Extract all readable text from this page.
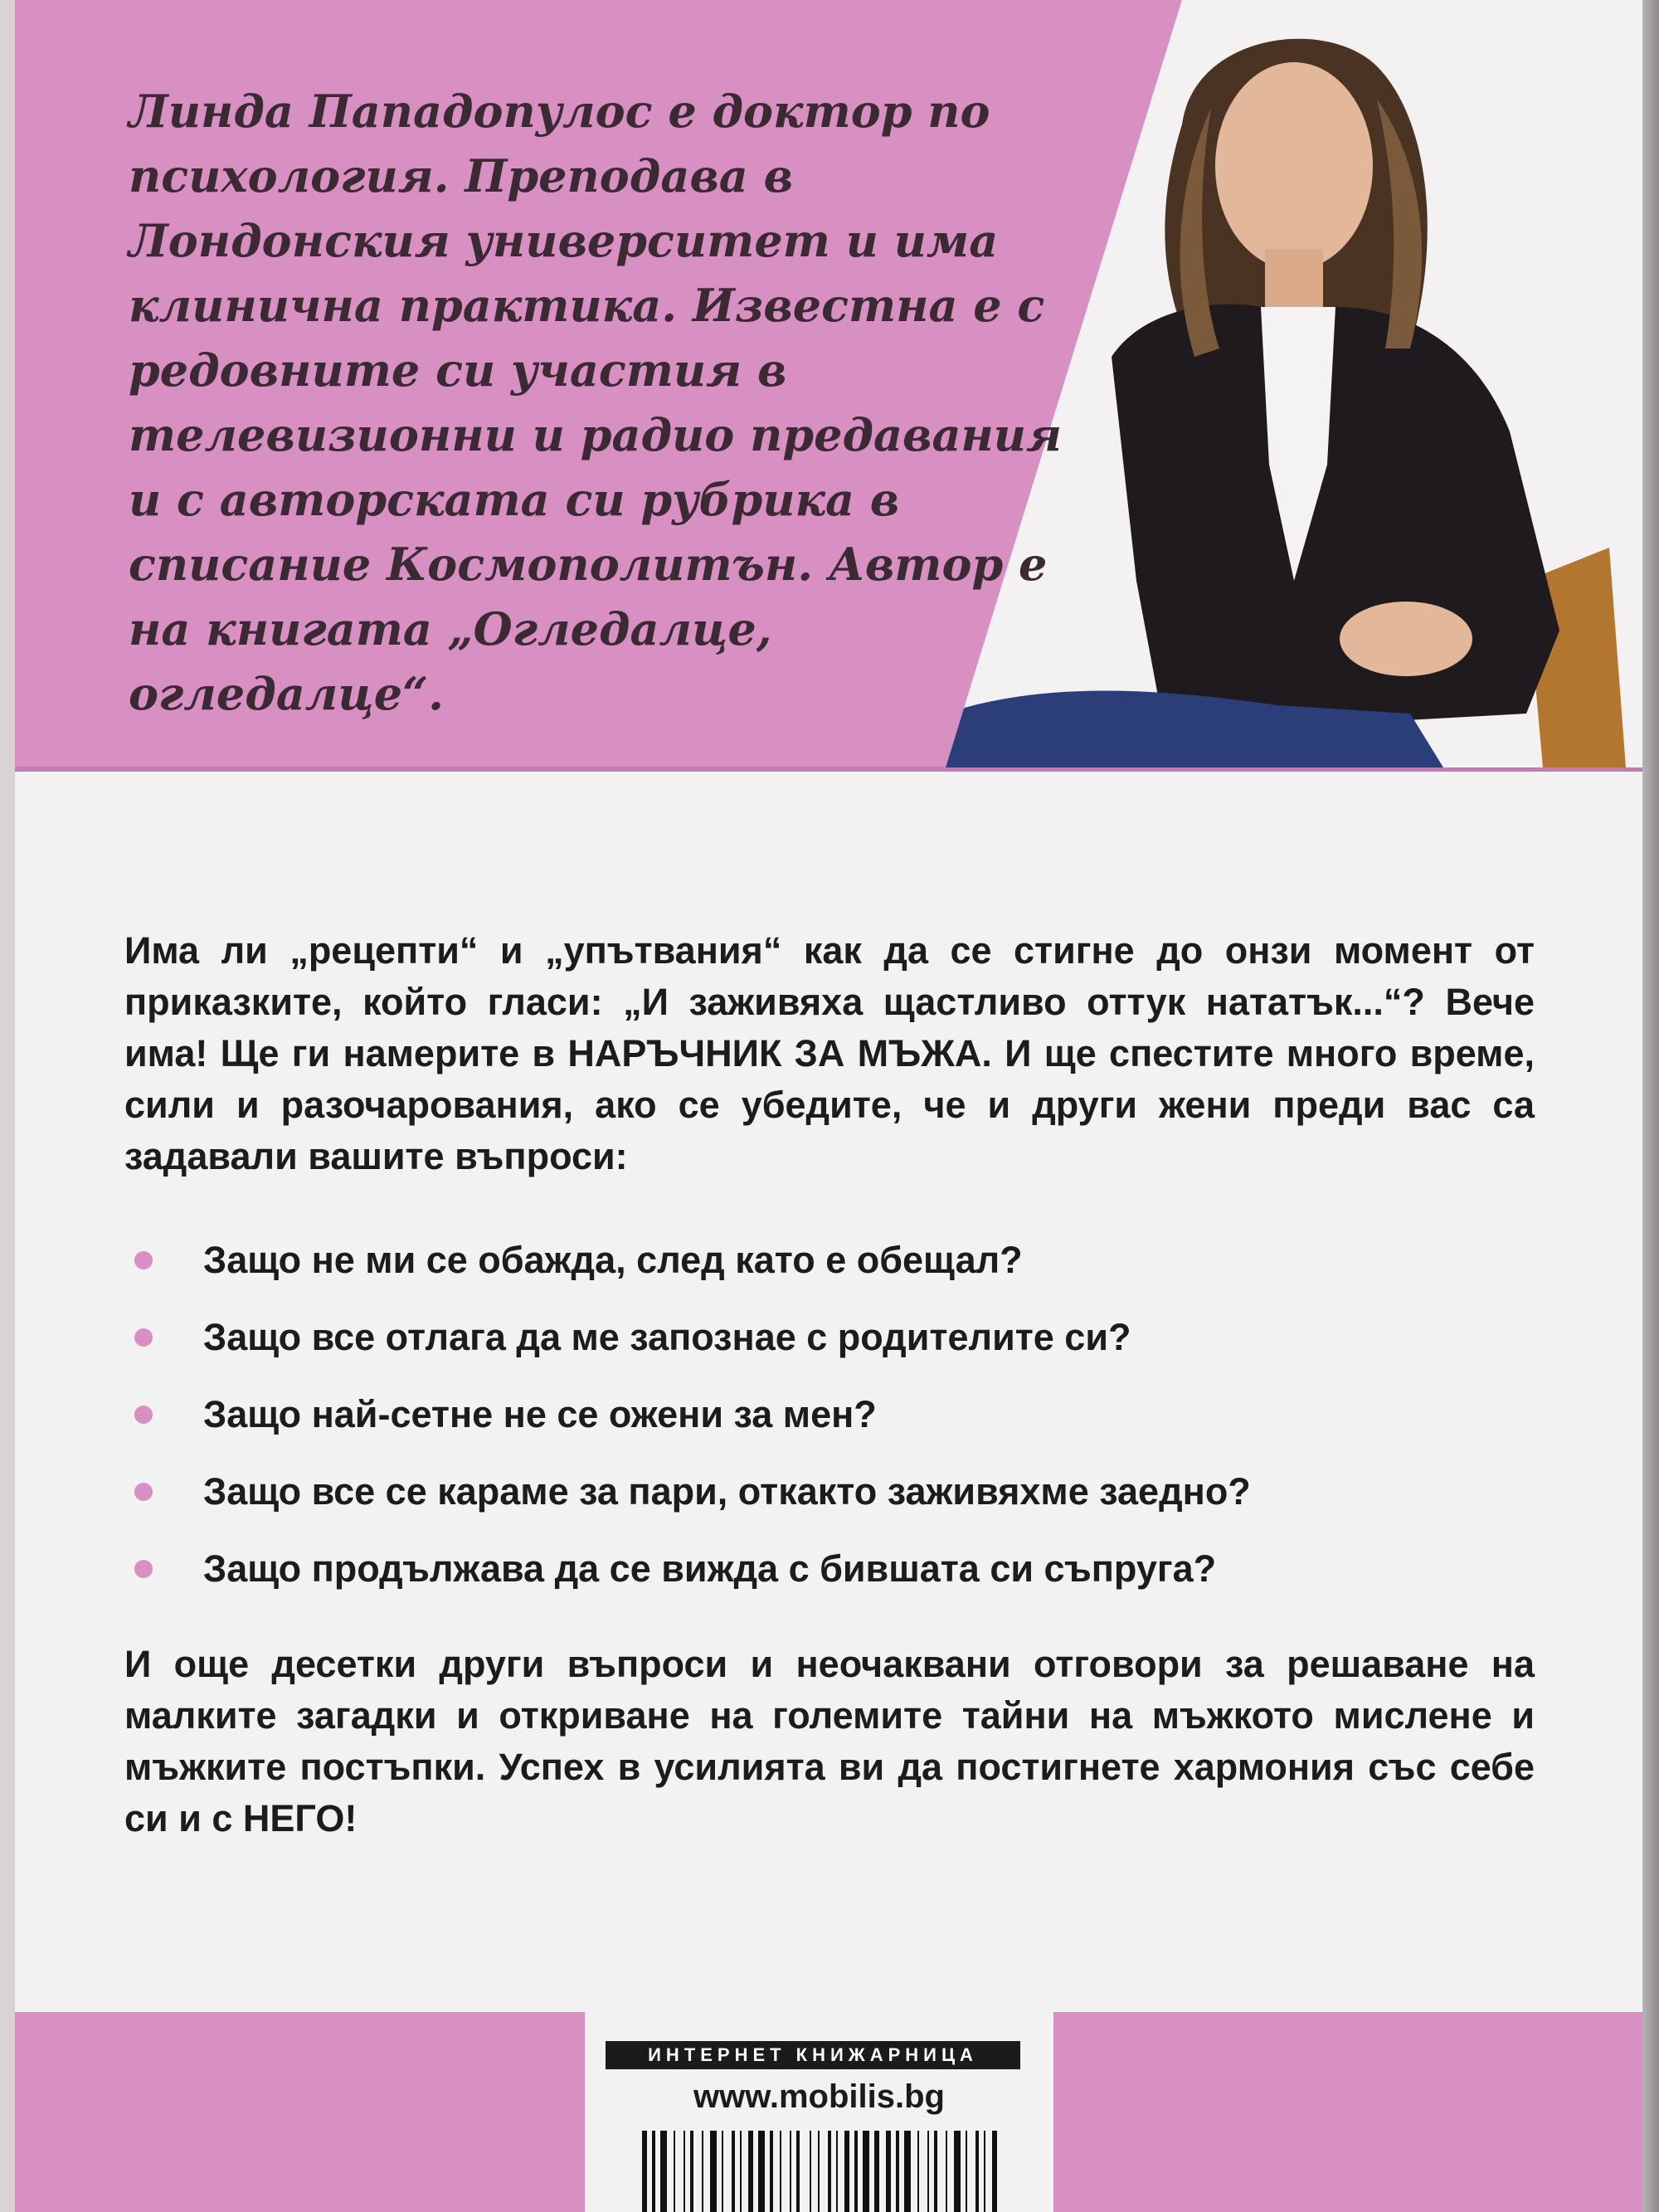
Линда Пападопулос е доктор по психология. Преподава в Лондонския университет и има клинична практика. Известна е с редовните си участия в телевизионни и радио предавания и с авторската си рубрика в списание Космополитън. Автор е на книгата „Огледалце, огледалце“.

Има ли „рецепти“ и „упътвания“ как да се стигне до онзи момент от приказките, който гласи: „И заживяха щастливо оттук нататък...“? Вече има! Ще ги намерите в НАРЪЧНИК ЗА МЪЖА. И ще спестите много време, сили и разочарования, ако се убедите, че и други жени преди вас са задавали вашите въпроси:

Защо не ми се обажда, след като е обещал?
Защо все отлага да ме запознае с родителите си?
Защо най-сетне не се ожени за мен?
Защо все се караме за пари, откакто заживяхме заедно?
Защо продължава да се вижда с бившата си съпруга?

И още десетки други въпроси и неочаквани отговори за решаване на малките загадки и откриване на големите тайни на мъжкото мислене и мъжките постъпки. Успех в усилията ви да постигнете хармония със себе си и с НЕГО!

ИНТЕРНЕТ КНИЖАРНИЦА

www.mobilis.bg
